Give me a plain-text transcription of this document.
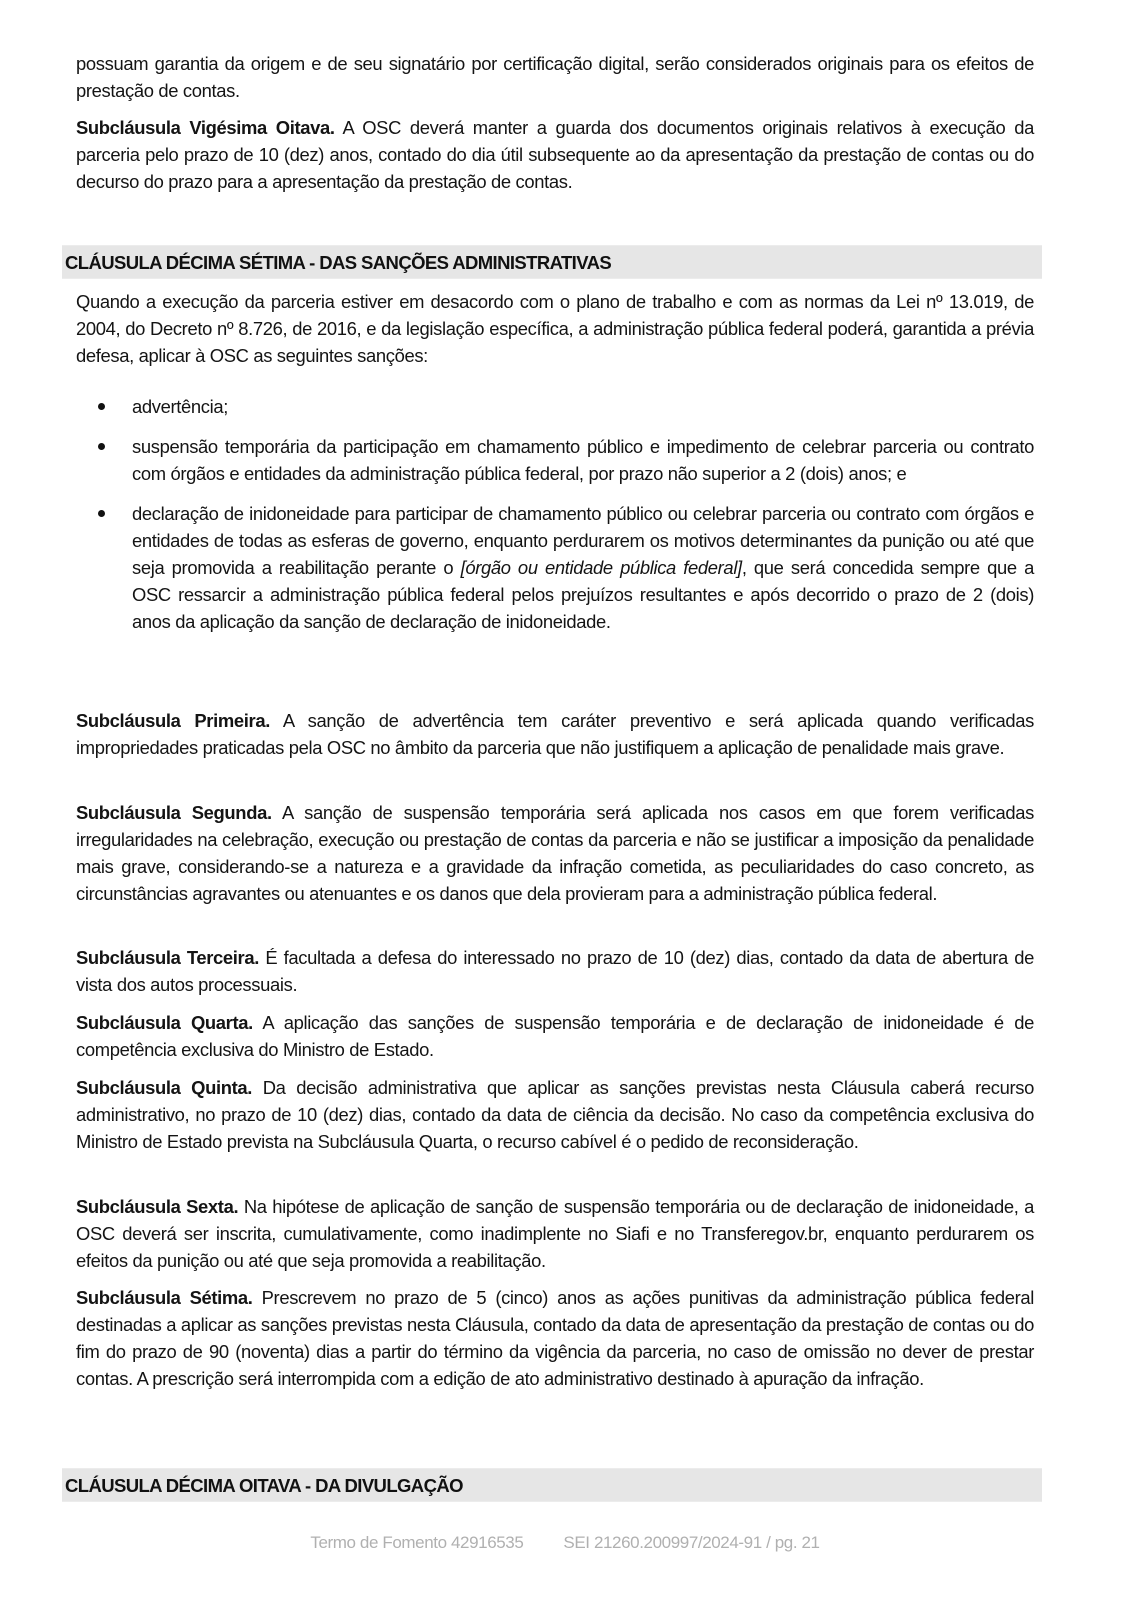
possuam garantia da origem e de seu signatário por certificação digital, serão considerados originais para os efeitos de prestação de contas.

Subcláusula Vigésima Oitava. A OSC deverá manter a guarda dos documentos originais relativos à execução da parceria pelo prazo de 10 (dez) anos, contado do dia útil subsequente ao da apresentação da prestação de contas ou do decurso do prazo para a apresentação da prestação de contas.

CLÁUSULA DÉCIMA SÉTIMA - DAS SANÇÕES ADMINISTRATIVAS

Quando a execução da parceria estiver em desacordo com o plano de trabalho e com as normas da Lei nº 13.019, de 2004, do Decreto nº 8.726, de 2016, e da legislação específica, a administração pública federal poderá, garantida a prévia defesa, aplicar à OSC as seguintes sanções:

advertência;
suspensão temporária da participação em chamamento público e impedimento de celebrar parceria ou contrato com órgãos e entidades da administração pública federal, por prazo não superior a 2 (dois) anos; e
declaração de inidoneidade para participar de chamamento público ou celebrar parceria ou contrato com órgãos e entidades de todas as esferas de governo, enquanto perdurarem os motivos determinantes da punição ou até que seja promovida a reabilitação perante o [órgão ou entidade pública federal], que será concedida sempre que a OSC ressarcir a administração pública federal pelos prejuízos resultantes e após decorrido o prazo de 2 (dois) anos da aplicação da sanção de declaração de inidoneidade.

Subcláusula Primeira. A sanção de advertência tem caráter preventivo e será aplicada quando verificadas impropriedades praticadas pela OSC no âmbito da parceria que não justifiquem a aplicação de penalidade mais grave.

Subcláusula Segunda. A sanção de suspensão temporária será aplicada nos casos em que forem verificadas irregularidades na celebração, execução ou prestação de contas da parceria e não se justificar a imposição da penalidade mais grave, considerando-se a natureza e a gravidade da infração cometida, as peculiaridades do caso concreto, as circunstâncias agravantes ou atenuantes e os danos que dela provieram para a administração pública federal.

Subcláusula Terceira. É facultada a defesa do interessado no prazo de 10 (dez) dias, contado da data de abertura de vista dos autos processuais.

Subcláusula Quarta. A aplicação das sanções de suspensão temporária e de declaração de inidoneidade é de competência exclusiva do Ministro de Estado.

Subcláusula Quinta. Da decisão administrativa que aplicar as sanções previstas nesta Cláusula caberá recurso administrativo, no prazo de 10 (dez) dias, contado da data de ciência da decisão. No caso da competência exclusiva do Ministro de Estado prevista na Subcláusula Quarta, o recurso cabível é o pedido de reconsideração.

Subcláusula Sexta. Na hipótese de aplicação de sanção de suspensão temporária ou de declaração de inidoneidade, a OSC deverá ser inscrita, cumulativamente, como inadimplente no Siafi e no Transferegov.br, enquanto perdurarem os efeitos da punição ou até que seja promovida a reabilitação.

Subcláusula Sétima. Prescrevem no prazo de 5 (cinco) anos as ações punitivas da administração pública federal destinadas a aplicar as sanções previstas nesta Cláusula, contado da data de apresentação da prestação de contas ou do fim do prazo de 90 (noventa) dias a partir do término da vigência da parceria, no caso de omissão no dever de prestar contas. A prescrição será interrompida com a edição de ato administrativo destinado à apuração da infração.

CLÁUSULA DÉCIMA OITAVA - DA DIVULGAÇÃO
Termo de Fomento 42916535 SEI 21260.200997/2024-91 / pg. 21
